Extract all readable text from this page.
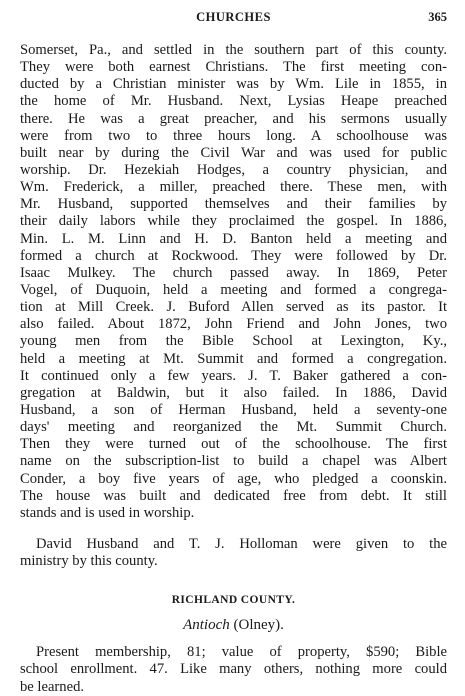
CHURCHES	365
Somerset, Pa., and settled in the southern part of this county.
They were both earnest Christians. The first meeting con-
ducted by a Christian minister was by Wm. Lile in 1855, in
the home of Mr. Husband. Next, Lysias Heape preached
there. He was a great preacher, and his sermons usually
were from two to three hours long. A schoolhouse was
built near by during the Civil War and was used for public
worship. Dr. Hezekiah Hodges, a country physician, and
Wm. Frederick, a miller, preached there. These men, with
Mr. Husband, supported themselves and their families by
their daily labors while they proclaimed the gospel. In 1886,
Min. L. M. Linn and H. D. Banton held a meeting and
formed a church at Rockwood. They were followed by Dr.
Isaac Mulkey. The church passed away. In 1869, Peter
Vogel, of Duquoin, held a meeting and formed a congrega-
tion at Mill Creek. J. Buford Allen served as its pastor. It
also failed. About 1872, John Friend and John Jones, two
young men from the Bible School at Lexington, Ky.,
held a meeting at Mt. Summit and formed a congregation.
It continued only a few years. J. T. Baker gathered a con-
gregation at Baldwin, but it also failed. In 1886, David
Husband, a son of Herman Husband, held a seventy-one
days' meeting and reorganized the Mt. Summit Church.
Then they were turned out of the schoolhouse. The first
name on the subscription-list to build a chapel was Albert
Conder, a boy five years of age, who pledged a coonskin.
The house was built and dedicated free from debt. It still
stands and is used in worship.
David Husband and T. J. Holloman were given to the
ministry by this county.
RICHLAND COUNTY.
Antioch (Olney).
Present membership, 81; value of property, $590; Bible
school enrollment. 47. Like many others, nothing more could
be learned.
